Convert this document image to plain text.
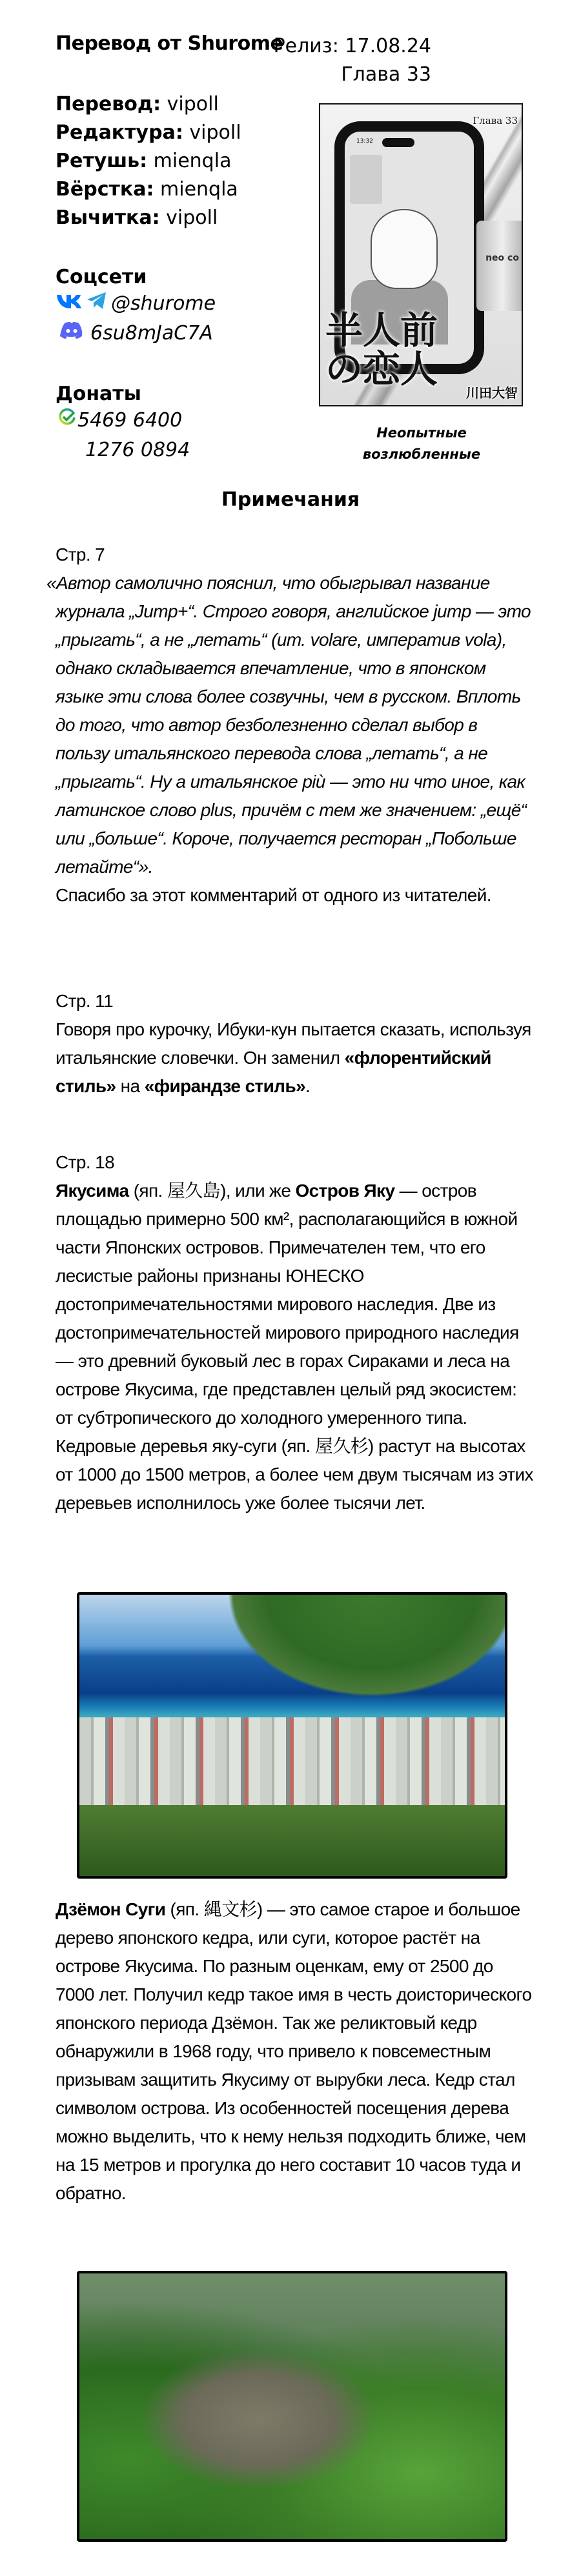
Перевод от Shurome
Релиз: 17.08.24
Глава 33
Перевод: vipoll
Редактура: vipoll
Ретушь: mienqla
Вёрстка: mienqla
Вычитка: vipoll
Соцсети
@shurome
6su8mJaC7A
Донаты
5469 6400
1276 0894
13:32
neo co
Глава 33
半人前の恋人
川田大智
Неопытные возлюбленные
Примечания

Стр. 7

«Автор самолично пояснил, что обыгрывал название журнала „Jump+“. Строго говоря, английское jump — это „прыгать“, а не „летать“ (ит. volare, императив vola), однако складывается впечатление, что в японском языке эти слова более созвучны, чем в русском. Вплоть до того, что автор безболезненно сделал выбор в пользу итальянского перевода слова „летать“, а не „прыгать“. Ну а итальянское più — это ни что иное, как латинское слово plus, причём с тем же значением: „ещё“ или „больше“. Короче, получается ресторан „Побольше летайте“».

Спасибо за этот комментарий от одного из читателей.

Стр. 11

Говоря про курочку, Ибуки-кун пытается сказать, используя итальянские словечки. Он заменил «флорентийский стиль» на «фирандзе стиль».

Стр. 18

Якусима (яп. 屋久島), или же Остров Яку — остров площадью примерно 500 км², располагающийся в южной части Японских островов. Примечателен тем, что его лесистые районы признаны ЮНЕСКО достопримечательностями мирового наследия. Две из достопримечательностей мирового природного наследия — это древний буковый лес в горах Сираками и леса на острове Якусима, где представлен целый ряд экосистем: от субтропического до холодного умеренного типа. Кедровые деревья яку-суги (яп. 屋久杉) растут на высотах от 1000 до 1500 метров, а более чем двум тысячам из этих деревьев исполнилось уже более тысячи лет.

Дзёмон Суги (яп. 縄文杉) — это самое старое и большое дерево японского кедра, или суги, которое растёт на острове Якусима. По разным оценкам, ему от 2500 до 7000 лет. Получил кедр такое имя в честь доисторического японского периода Дзёмон. Так же реликтовый кедр обнаружили в 1968 году, что привело к повсеместным призывам защитить Якусиму от вырубки леса. Кедр стал символом острова. Из особенностей посещения дерева можно выделить, что к нему нельзя подходить ближе, чем на 15 метров и прогулка до него составит 10 часов туда и обратно.
